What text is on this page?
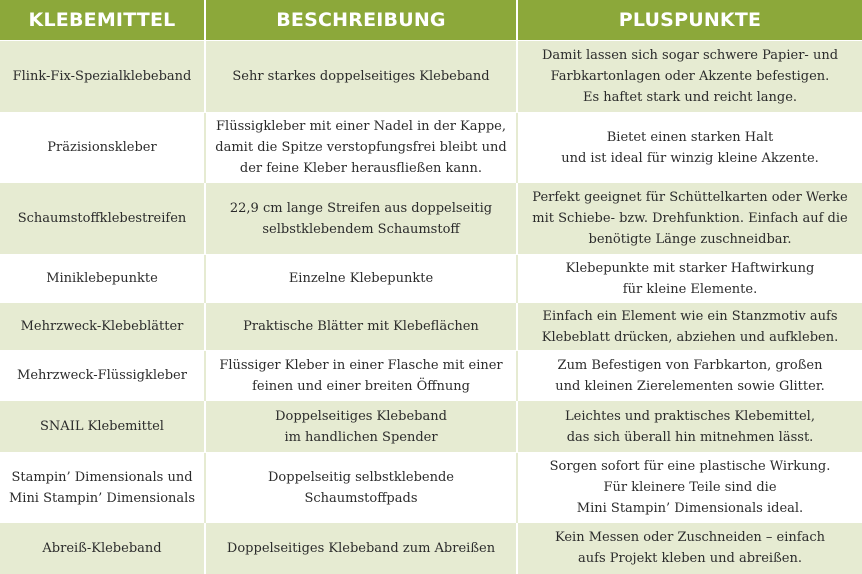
KLEBEMITTEL	BESCHREIBUNG	PLUSPUNKTE

Flink-Fix-Spezialklebeband	Sehr starkes doppelseitiges Klebeband	Damit lassen sich sogar schwere Papier- und
Farbkartonlagen oder Akzente befestigen.
Es haftet stark und reicht lange.

Präzisionskleber	Flüssigkleber mit einer Nadel in der Kappe,
damit die Spitze verstopfungsfrei bleibt und
der feine Kleber herausfließen kann.	Bietet einen starken Halt
und ist ideal für winzig kleine Akzente.

Schaumstoffklebestreifen	22,9 cm lange Streifen aus doppelseitig
selbstklebendem Schaumstoff	Perfekt geeignet für Schüttelkarten oder Werke
mit Schiebe- bzw. Drehfunktion. Einfach auf die
benötigte Länge zuschneidbar.

Miniklebepunkte	Einzelne Klebepunkte	Klebepunkte mit starker Haftwirkung
für kleine Elemente.

Mehrzweck-Klebeblätter	Praktische Blätter mit Klebeflächen	Einfach ein Element wie ein Stanzmotiv aufs
Klebeblatt drücken, abziehen und aufkleben.

Mehrzweck-Flüssigkleber	Flüssiger Kleber in einer Flasche mit einer
feinen und einer breiten Öffnung	Zum Befestigen von Farbkarton, großen
und kleinen Zierelementen sowie Glitter.

SNAIL Klebemittel	Doppelseitiges Klebeband
im handlichen Spender	Leichtes und praktisches Klebemittel,
das sich überall hin mitnehmen lässt.

Stampin’ Dimensionals und
Mini Stampin’ Dimensionals	Doppelseitig selbstklebende
Schaumstoffpads	Sorgen sofort für eine plastische Wirkung.
Für kleinere Teile sind die
Mini Stampin’ Dimensionals ideal.

Abreiß-Klebeband	Doppelseitiges Klebeband zum Abreißen	Kein Messen oder Zuschneiden – einfach
aufs Projekt kleben und abreißen.
